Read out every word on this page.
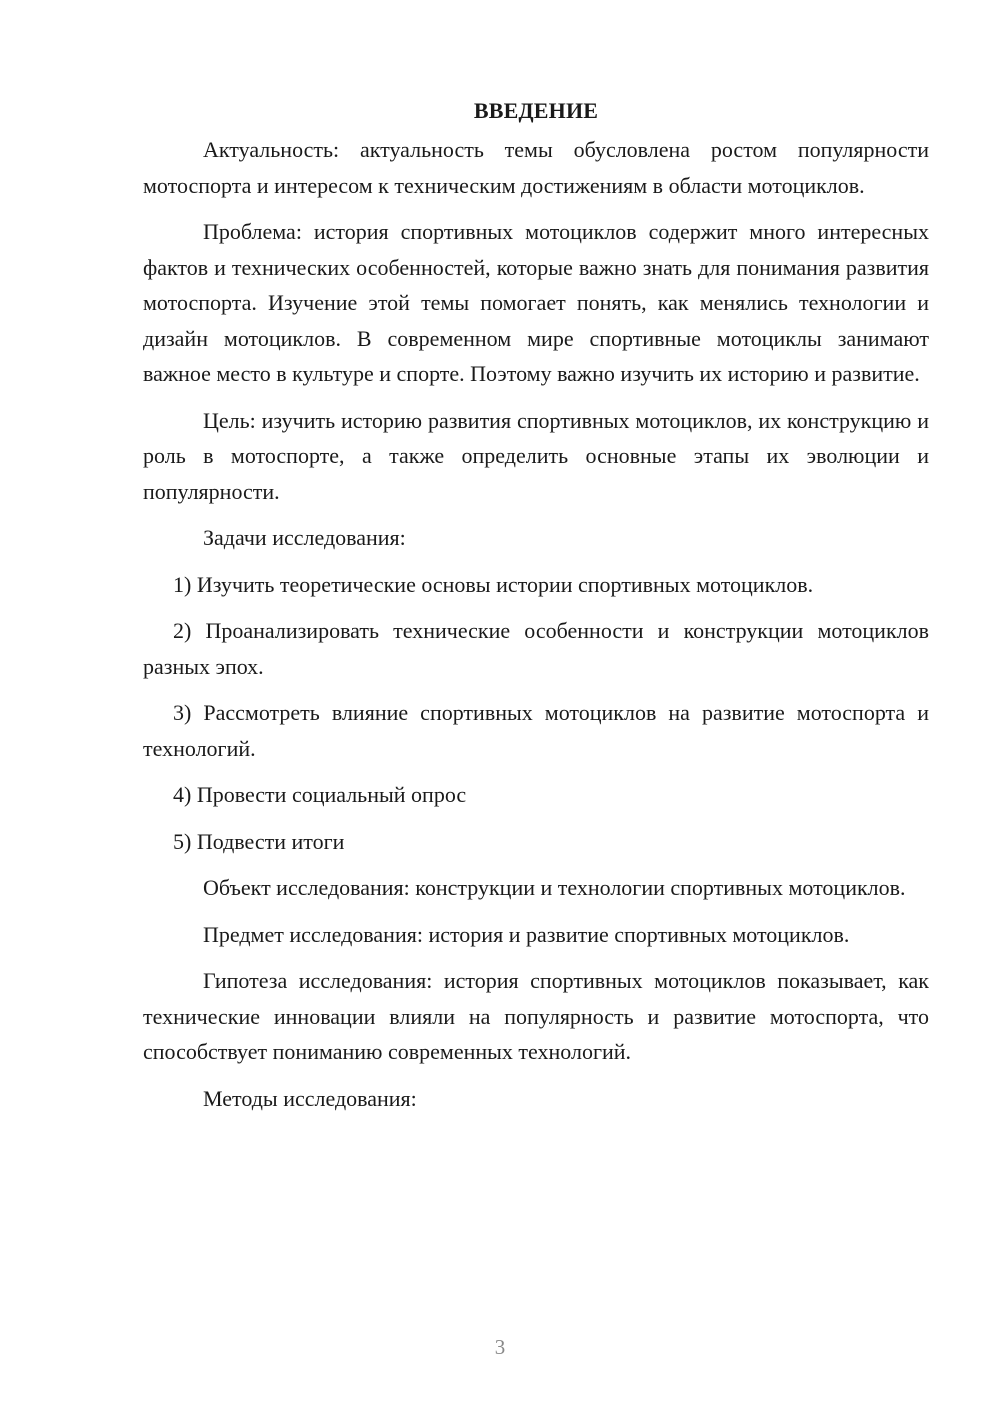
ВВЕДЕНИЕ

Актуальность: актуальность темы обусловлена ростом популярности мотоспорта и интересом к техническим достижениям в области мотоциклов.

Проблема: история спортивных мотоциклов содержит много интересных фактов и технических особенностей, которые важно знать для понимания развития мотоспорта. Изучение этой темы помогает понять, как менялись технологии и дизайн мотоциклов. В современном мире спортивные мотоциклы занимают важное место в культуре и спорте. Поэтому важно изучить их историю и развитие.

Цель: изучить историю развития спортивных мотоциклов, их конструкцию и роль в мотоспорте, а также определить основные этапы их эволюции и популярности.

Задачи исследования:

1) Изучить теоретические основы истории спортивных мотоциклов.

2) Проанализировать технические особенности и конструкции мотоциклов разных эпох.

3) Рассмотреть влияние спортивных мотоциклов на развитие мотоспорта и технологий.

4) Провести социальный опрос

5) Подвести итоги

Объект исследования: конструкции и технологии спортивных мотоциклов.

Предмет исследования: история и развитие спортивных мотоциклов.

Гипотеза исследования: история спортивных мотоциклов показывает, как технические инновации влияли на популярность и развитие мотоспорта, что способствует пониманию современных технологий.

Методы исследования:

3
